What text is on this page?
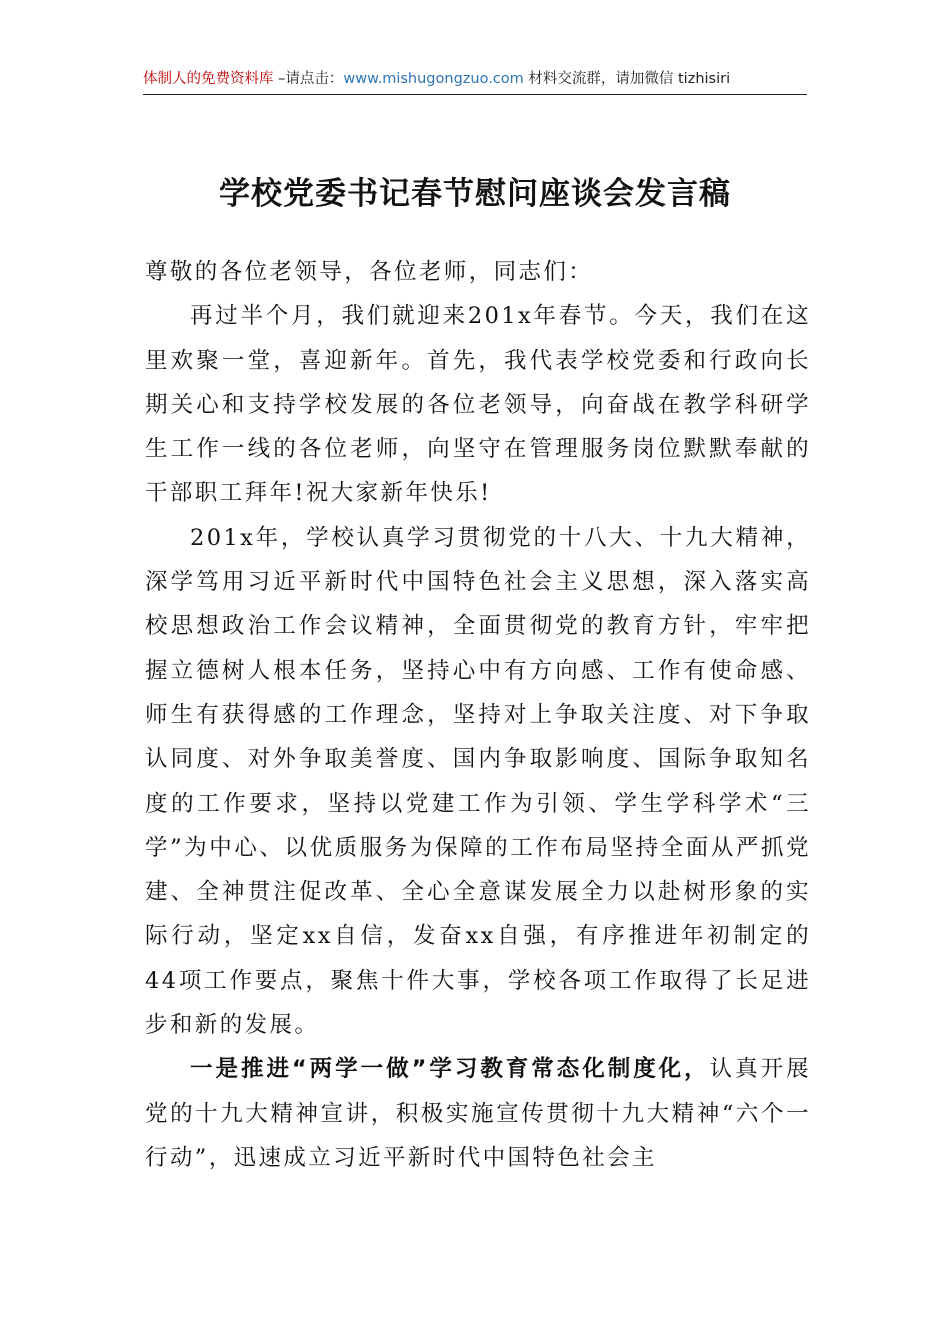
体制人的免费资料库 –请点击：www.mishugongzuo.com 材料交流群，请加微信 tizhisiri
学校党委书记春节慰问座谈会发言稿

尊敬的各位老领导，各位老师，同志们：

再过半个月，我们就迎来201x年春节。今天，我们在这里欢聚一堂，喜迎新年。首先，我代表学校党委和行政向长期关心和支持学校发展的各位老领导，向奋战在教学科研学生工作一线的各位老师，向坚守在管理服务岗位默默奉献的干部职工拜年!祝大家新年快乐!

201x年，学校认真学习贯彻党的十八大、十九大精神，深学笃用习近平新时代中国特色社会主义思想，深入落实高校思想政治工作会议精神，全面贯彻党的教育方针，牢牢把握立德树人根本任务，坚持心中有方向感、工作有使命感、师生有获得感的工作理念，坚持对上争取关注度、对下争取认同度、对外争取美誉度、国内争取影响度、国际争取知名度的工作要求，坚持以党建工作为引领、学生学科学术“三学”为中心、以优质服务为保障的工作布局坚持全面从严抓党建、全神贯注促改革、全心全意谋发展全力以赴树形象的实际行动，坚定xx自信，发奋xx自强，有序推进年初制定的44项工作要点，聚焦十件大事，学校各项工作取得了长足进步和新的发展。

一是推进“两学一做”学习教育常态化制度化，认真开展党的十九大精神宣讲，积极实施宣传贯彻十九大精神“六个一行动”，迅速成立习近平新时代中国特色社会主
